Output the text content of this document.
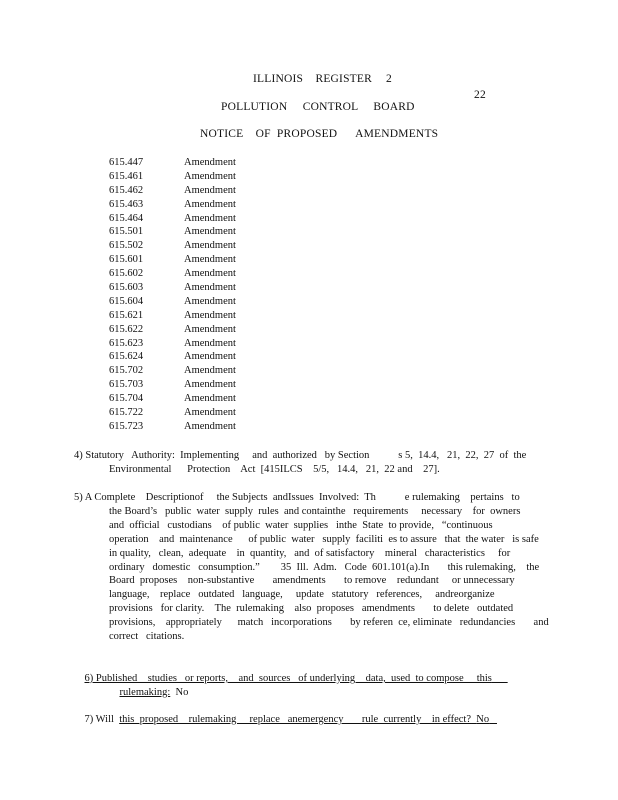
ILLINOIS    REGISTER 2
22
POLLUTION     CONTROL     BOARD
NOTICE    OF  PROPOSED      AMENDMENTS
615.447	Amendment
615.461	Amendment
615.462	Amendment
615.463	Amendment
615.464	Amendment
615.501	Amendment
615.502	Amendment
615.601	Amendment
615.602	Amendment
615.603	Amendment
615.604	Amendment
615.621	Amendment
615.622	Amendment
615.623	Amendment
615.624	Amendment
615.702	Amendment
615.703	Amendment
615.704	Amendment
615.722	Amendment
615.723	Amendment
4) Statutory   Authority:  Implementing     and  authorized   by Section           s 5,  14.4,   21,  22,  27  of  the
Environmental      Protection    Act  [415ILCS    5/5,   14.4,   21,  22 and    27].
5) A Complete    Descriptionof     the Subjects  andIssues  Involved:  Th           e rulemaking    pertains   to
the Board’s   public  water  supply  rules  and containthe   requirements     necessary    for  owners
and  official   custodians    of public  water  supplies   inthe  State  to provide,   “continuous
operation    and  maintenance      of public  water   supply  faciliti  es to assure   that  the water   is safe
in quality,   clean,  adequate    in  quantity,   and  of satisfactory    mineral   characteristics     for
ordinary   domestic   consumption.”        35  Ill.  Adm.   Code  601.101(a).In       this rulemaking,    the
Board  proposes    non-substantive       amendments       to remove    redundant     or unnecessary
language,    replace   outdated   language,     update   statutory   references,     andreorganize
provisions   for clarity.    The  rulemaking    also  proposes   amendments       to delete   outdated
provisions,    appropriately      match   incorporations       by referen  ce, eliminate   redundancies       and
correct   citations.

6) Published    studies   or reports,    and  sources   of underlying    data,  used  to compose     this

rulemaking: No

7) Will this  proposed    rulemaking     replace   anemergency       rule  currently    in effect? No
